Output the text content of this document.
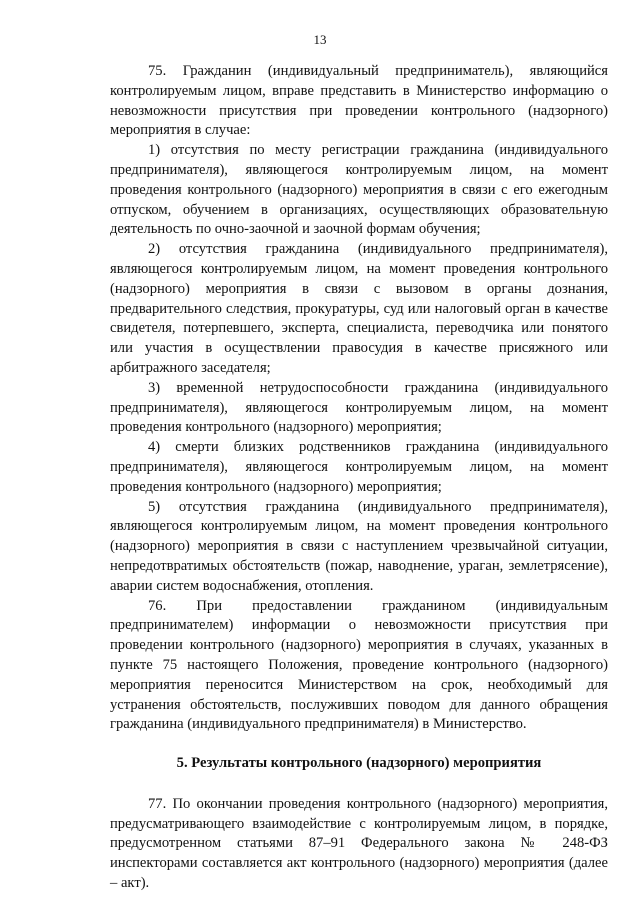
13

75. Гражданин (индивидуальный предприниматель), являющийся контролируемым лицом, вправе представить в Министерство информацию о невозможности присутствия при проведении контрольного (надзорного) мероприятия в случае:

1) отсутствия по месту регистрации гражданина (индивидуального предпринимателя), являющегося контролируемым лицом, на момент проведения контрольного (надзорного) мероприятия в связи с его ежегодным отпуском, обучением в организациях, осуществляющих образовательную деятельность по очно-заочной и заочной формам обучения;

2) отсутствия гражданина (индивидуального предпринимателя), являющегося контролируемым лицом, на момент проведения контрольного (надзорного) мероприятия в связи с вызовом в органы дознания, предварительного следствия, прокуратуры, суд или налоговый орган в качестве свидетеля, потерпевшего, эксперта, специалиста, переводчика или понятого или участия в осуществлении правосудия в качестве присяжного или арбитражного заседателя;

3) временной нетрудоспособности гражданина (индивидуального предпринимателя), являющегося контролируемым лицом, на момент проведения контрольного (надзорного) мероприятия;

4) смерти близких родственников гражданина (индивидуального предпринимателя), являющегося контролируемым лицом, на момент проведения контрольного (надзорного) мероприятия;

5) отсутствия гражданина (индивидуального предпринимателя), являющегося контролируемым лицом, на момент проведения контрольного (надзорного) мероприятия в связи с наступлением чрезвычайной ситуации, непредотвратимых обстоятельств (пожар, наводнение, ураган, землетрясение), аварии систем водоснабжения, отопления.

76. При предоставлении гражданином (индивидуальным предпринимателем) информации о невозможности присутствия при проведении контрольного (надзорного) мероприятия в случаях, указанных в пункте 75 настоящего Положения, проведение контрольного (надзорного) мероприятия переносится Министерством на срок, необходимый для устранения обстоятельств, послуживших поводом для данного обращения гражданина (индивидуального предпринимателя) в Министерство.

5. Результаты контрольного (надзорного) мероприятия

77. По окончании проведения контрольного (надзорного) мероприятия, предусматривающего взаимодействие с контролируемым лицом, в порядке, предусмотренном статьями 87–91 Федерального закона № 248-ФЗ инспекторами составляется акт контрольного (надзорного) мероприятия (далее – акт).
